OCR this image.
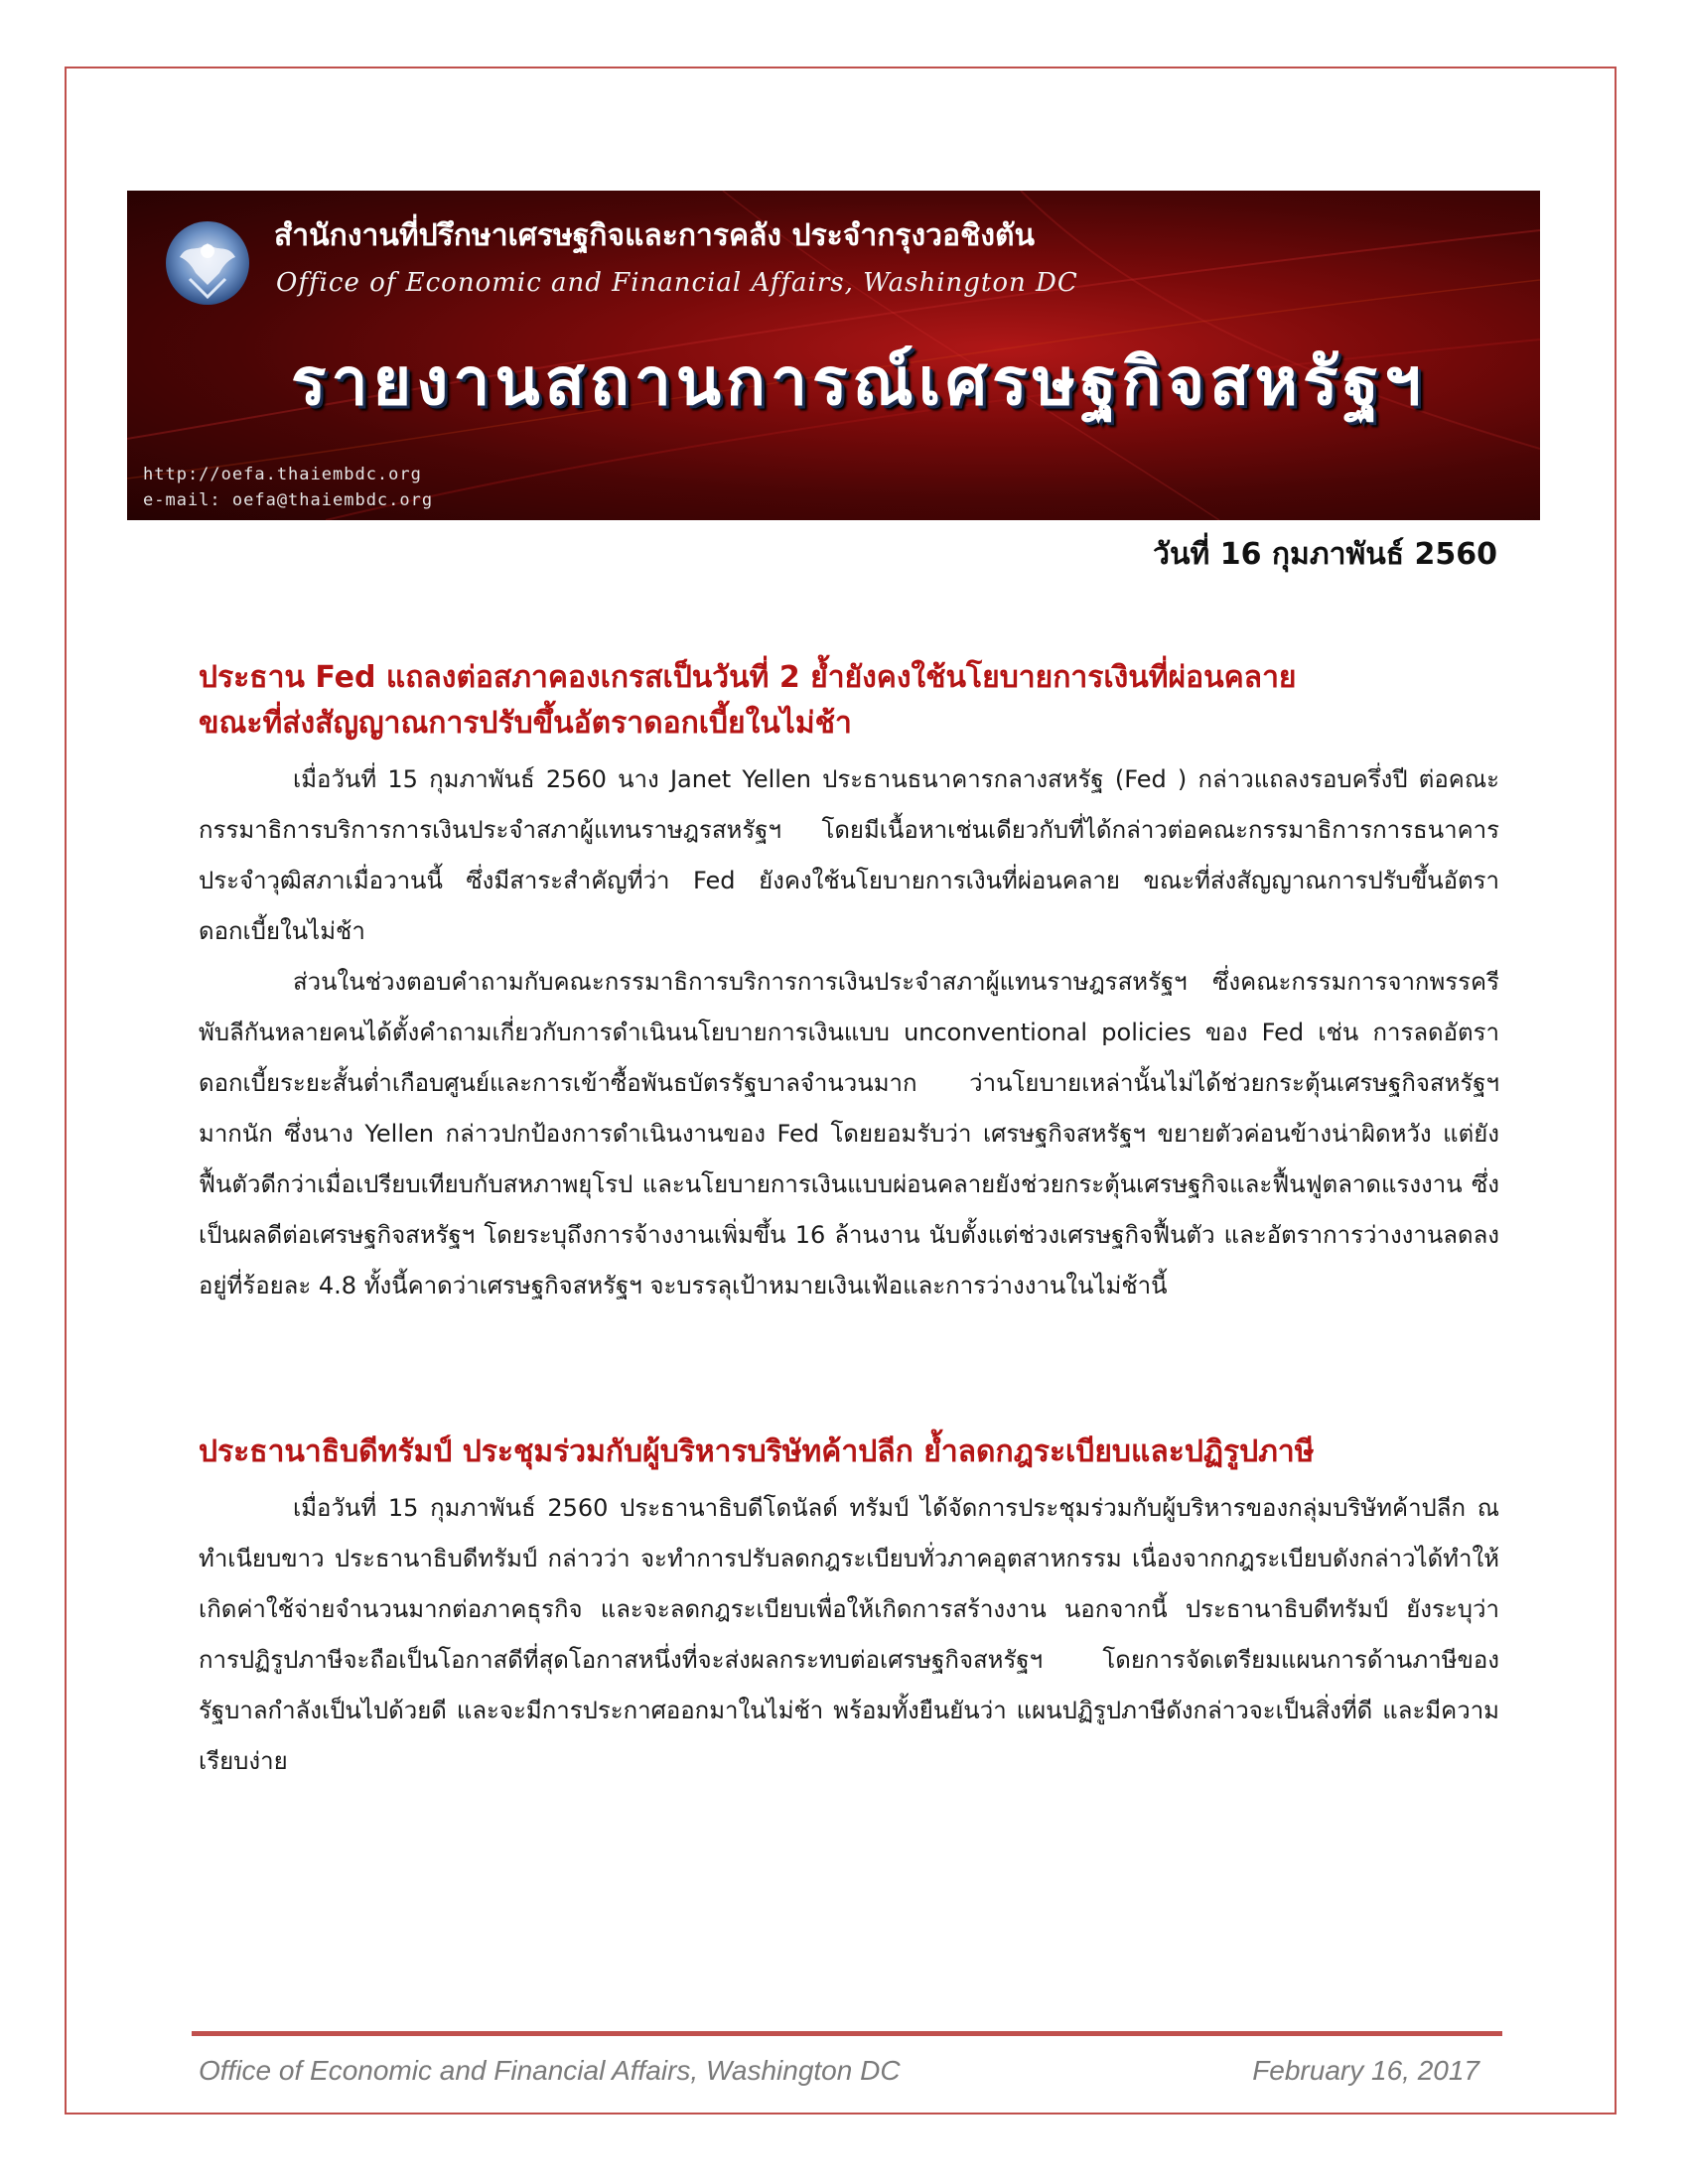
สำนักงานที่ปรึกษาเศรษฐกิจและการคลัง ประจำกรุงวอชิงตัน
Office of Economic and Financial Affairs, Washington DC
รายงานสถานการณ์เศรษฐกิจสหรัฐฯ
http://oefa.thaiembdc.org
e-mail: oefa@thaiembdc.org
วันที่ 16 กุมภาพันธ์ 2560
ประธาน Fed แถลงต่อสภาคองเกรสเป็นวันที่ 2 ย้ำยังคงใช้นโยบายการเงินที่ผ่อนคลาย
ขณะที่ส่งสัญญาณการปรับขึ้นอัตราดอกเบี้ยในไม่ช้า

เมื่อวันที่ 15 กุมภาพันธ์ 2560 นาง Janet Yellen ประธานธนาคารกลางสหรัฐ (Fed ) กล่าวแถลงรอบครึ่งปี ต่อคณะกรรมาธิการบริการการเงินประจำสภาผู้แทนราษฎรสหรัฐฯ โดยมีเนื้อหาเช่นเดียวกับที่ได้กล่าวต่อคณะกรรมาธิการการธนาคารประจำวุฒิสภาเมื่อวานนี้ ซึ่งมีสาระสำคัญที่ว่า Fed ยังคงใช้นโยบายการเงินที่ผ่อนคลาย ขณะที่ส่งสัญญาณการปรับขึ้นอัตราดอกเบี้ยในไม่ช้า

ส่วนในช่วงตอบคำถามกับคณะกรรมาธิการบริการการเงินประจำสภาผู้แทนราษฎรสหรัฐฯ ซึ่งคณะกรรมการจากพรรครีพับลีกันหลายคนได้ตั้งคำถามเกี่ยวกับการดำเนินนโยบายการเงินแบบ unconventional policies ของ Fed เช่น การลดอัตราดอกเบี้ยระยะสั้นต่ำเกือบศูนย์และการเข้าซื้อพันธบัตรรัฐบาลจำนวนมาก ว่านโยบายเหล่านั้นไม่ได้ช่วยกระตุ้นเศรษฐกิจสหรัฐฯ มากนัก ซึ่งนาง Yellen กล่าวปกป้องการดำเนินงานของ Fed โดยยอมรับว่า เศรษฐกิจสหรัฐฯ ขยายตัวค่อนข้างน่าผิดหวัง แต่ยังฟื้นตัวดีกว่าเมื่อเปรียบเทียบกับสหภาพยุโรป และนโยบายการเงินแบบผ่อนคลายยังช่วยกระตุ้นเศรษฐกิจและฟื้นฟูตลาดแรงงาน ซึ่งเป็นผลดีต่อเศรษฐกิจสหรัฐฯ โดยระบุถึงการจ้างงานเพิ่มขึ้น 16 ล้านงาน นับตั้งแต่ช่วงเศรษฐกิจฟื้นตัว และอัตราการว่างงานลดลงอยู่ที่ร้อยละ 4.8 ทั้งนี้คาดว่าเศรษฐกิจสหรัฐฯ จะบรรลุเป้าหมายเงินเฟ้อและการว่างงานในไม่ช้านี้

ประธานาธิบดีทรัมป์ ประชุมร่วมกับผู้บริหารบริษัทค้าปลีก ย้ำลดกฎระเบียบและปฏิรูปภาษี

เมื่อวันที่ 15 กุมภาพันธ์ 2560 ประธานาธิบดีโดนัลด์ ทรัมป์ ได้จัดการประชุมร่วมกับผู้บริหารของกลุ่มบริษัทค้าปลีก ณ ทำเนียบขาว ประธานาธิบดีทรัมป์ กล่าวว่า จะทำการปรับลดกฎระเบียบทั่วภาคอุตสาหกรรม เนื่องจากกฎระเบียบดังกล่าวได้ทำให้เกิดค่าใช้จ่ายจำนวนมากต่อภาคธุรกิจ และจะลดกฎระเบียบเพื่อให้เกิดการสร้างงาน นอกจากนี้ ประธานาธิบดีทรัมป์ ยังระบุว่า การปฏิรูปภาษีจะถือเป็นโอกาสดีที่สุดโอกาสหนึ่งที่จะส่งผลกระทบต่อเศรษฐกิจสหรัฐฯ โดยการจัดเตรียมแผนการด้านภาษีของรัฐบาลกำลังเป็นไปด้วยดี และจะมีการประกาศออกมาในไม่ช้า พร้อมทั้งยืนยันว่า แผนปฏิรูปภาษีดังกล่าวจะเป็นสิ่งที่ดี และมีความเรียบง่าย

Office of Economic and Financial Affairs, Washington DC	February 16, 2017
